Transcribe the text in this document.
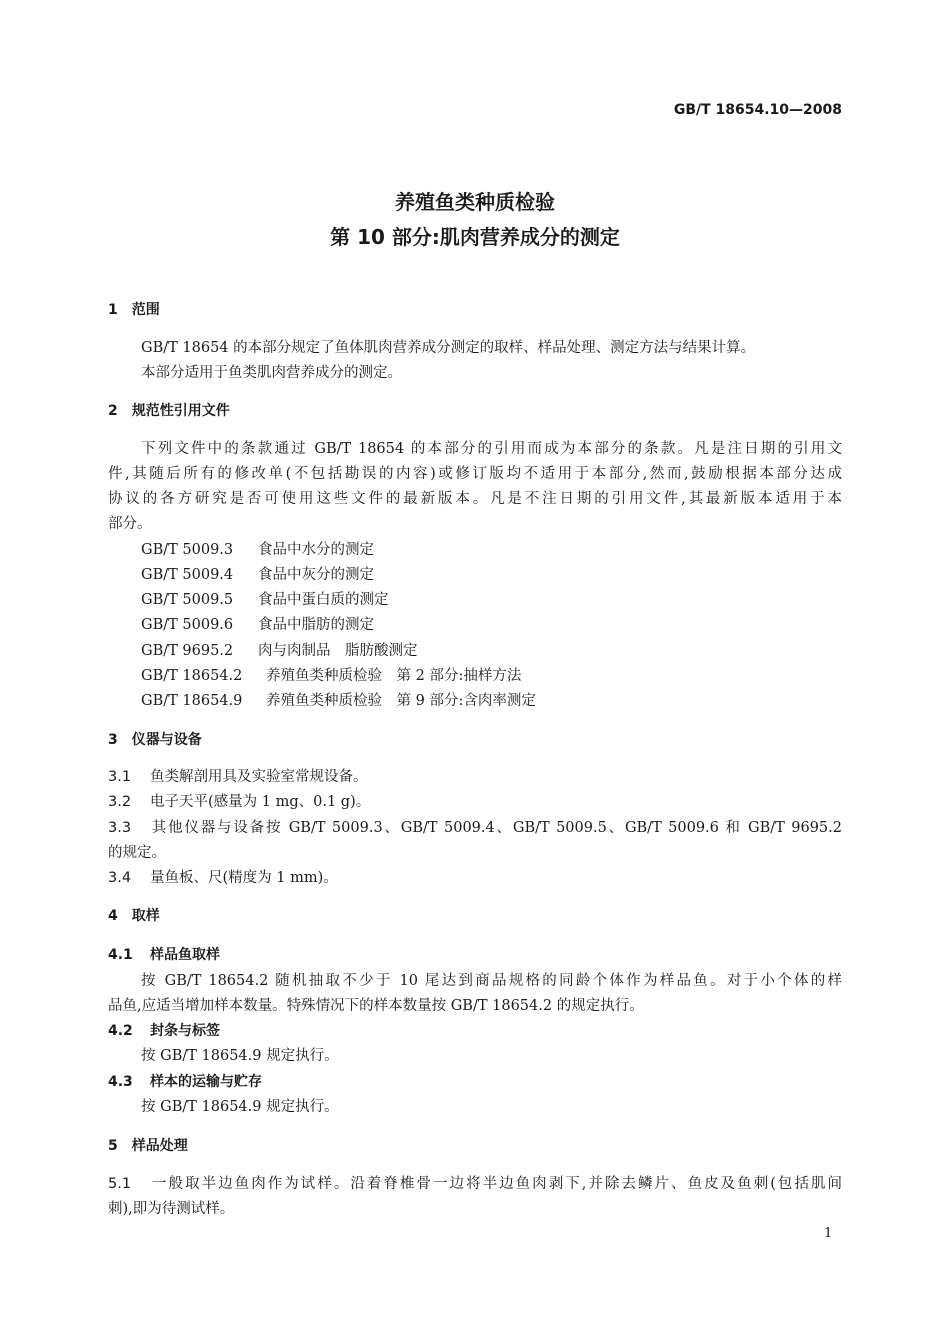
GB/T 18654.10—2008
养殖鱼类种质检验
第 10 部分:肌肉营养成分的测定
1　范围
GB/T 18654 的本部分规定了鱼体肌肉营养成分测定的取样、样品处理、测定方法与结果计算。
本部分适用于鱼类肌肉营养成分的测定。
2　规范性引用文件
下列文件中的条款通过 GB/T 18654 的本部分的引用而成为本部分的条款。凡是注日期的引用文
件,其随后所有的修改单(不包括勘误的内容)或修订版均不适用于本部分,然而,鼓励根据本部分达成
协议的各方研究是否可使用这些文件的最新版本。凡是不注日期的引用文件,其最新版本适用于本
部分。
GB/T 5009.3 食品中水分的测定
GB/T 5009.4 食品中灰分的测定
GB/T 5009.5 食品中蛋白质的测定
GB/T 5009.6 食品中脂肪的测定
GB/T 9695.2 肉与肉制品　脂肪酸测定
GB/T 18654.2 养殖鱼类种质检验　第 2 部分:抽样方法
GB/T 18654.9 养殖鱼类种质检验　第 9 部分:含肉率测定
3　仪器与设备
3.1 鱼类解剖用具及实验室常规设备。
3.2 电子天平(感量为 1 mg、0.1 g)。
3.3 其他仪器与设备按 GB/T 5009.3、GB/T 5009.4、GB/T 5009.5、GB/T 5009.6 和 GB/T 9695.2
的规定。
3.4 量鱼板、尺(精度为 1 mm)。
4　取样
4.1 样品鱼取样
按 GB/T 18654.2 随机抽取不少于 10 尾达到商品规格的同龄个体作为样品鱼。对于小个体的样
品鱼,应适当增加样本数量。特殊情况下的样本数量按 GB/T 18654.2 的规定执行。
4.2 封条与标签
按 GB/T 18654.9 规定执行。
4.3 样本的运输与贮存
按 GB/T 18654.9 规定执行。
5　样品处理
5.1 一般取半边鱼肉作为试样。沿着脊椎骨一边将半边鱼肉剥下,并除去鳞片、鱼皮及鱼刺(包括肌间
刺),即为待测试样。
1
